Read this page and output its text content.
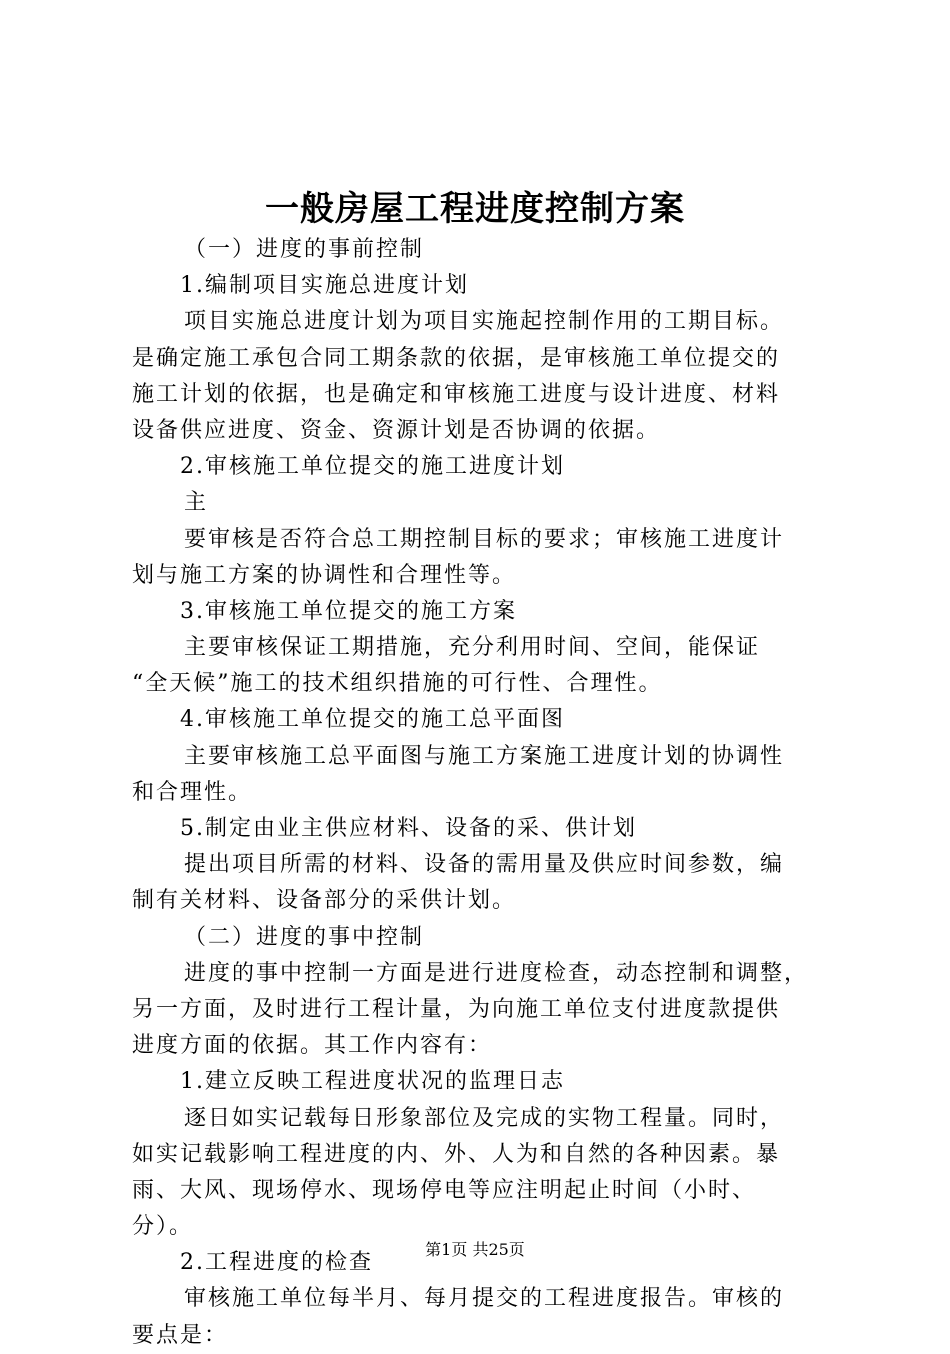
一般房屋工程进度控制方案
（一）进度的事前控制
1.编制项目实施总进度计划
项目实施总进度计划为项目实施起控制作用的工期目标。
是确定施工承包合同工期条款的依据，是审核施工单位提交的
施工计划的依据，也是确定和审核施工进度与设计进度、材料
设备供应进度、资金、资源计划是否协调的依据。
2.审核施工单位提交的施工进度计划
主
要审核是否符合总工期控制目标的要求；审核施工进度计
划与施工方案的协调性和合理性等。
3.审核施工单位提交的施工方案
主要审核保证工期措施，充分利用时间、空间，能保证
“全天候”施工的技术组织措施的可行性、合理性。
4.审核施工单位提交的施工总平面图
主要审核施工总平面图与施工方案施工进度计划的协调性
和合理性。
5.制定由业主供应材料、设备的采、供计划
提出项目所需的材料、设备的需用量及供应时间参数，编
制有关材料、设备部分的采供计划。
（二）进度的事中控制
进度的事中控制一方面是进行进度检查，动态控制和调整，
另一方面，及时进行工程计量，为向施工单位支付进度款提供
进度方面的依据。其工作内容有：
1.建立反映工程进度状况的监理日志
逐日如实记载每日形象部位及完成的实物工程量。同时，
如实记载影响工程进度的内、外、人为和自然的各种因素。暴
雨、大风、现场停水、现场停电等应注明起止时间（小时、
分）。
2.工程进度的检查
审核施工单位每半月、每月提交的工程进度报告。审核的
要点是：
第1页 共25页
